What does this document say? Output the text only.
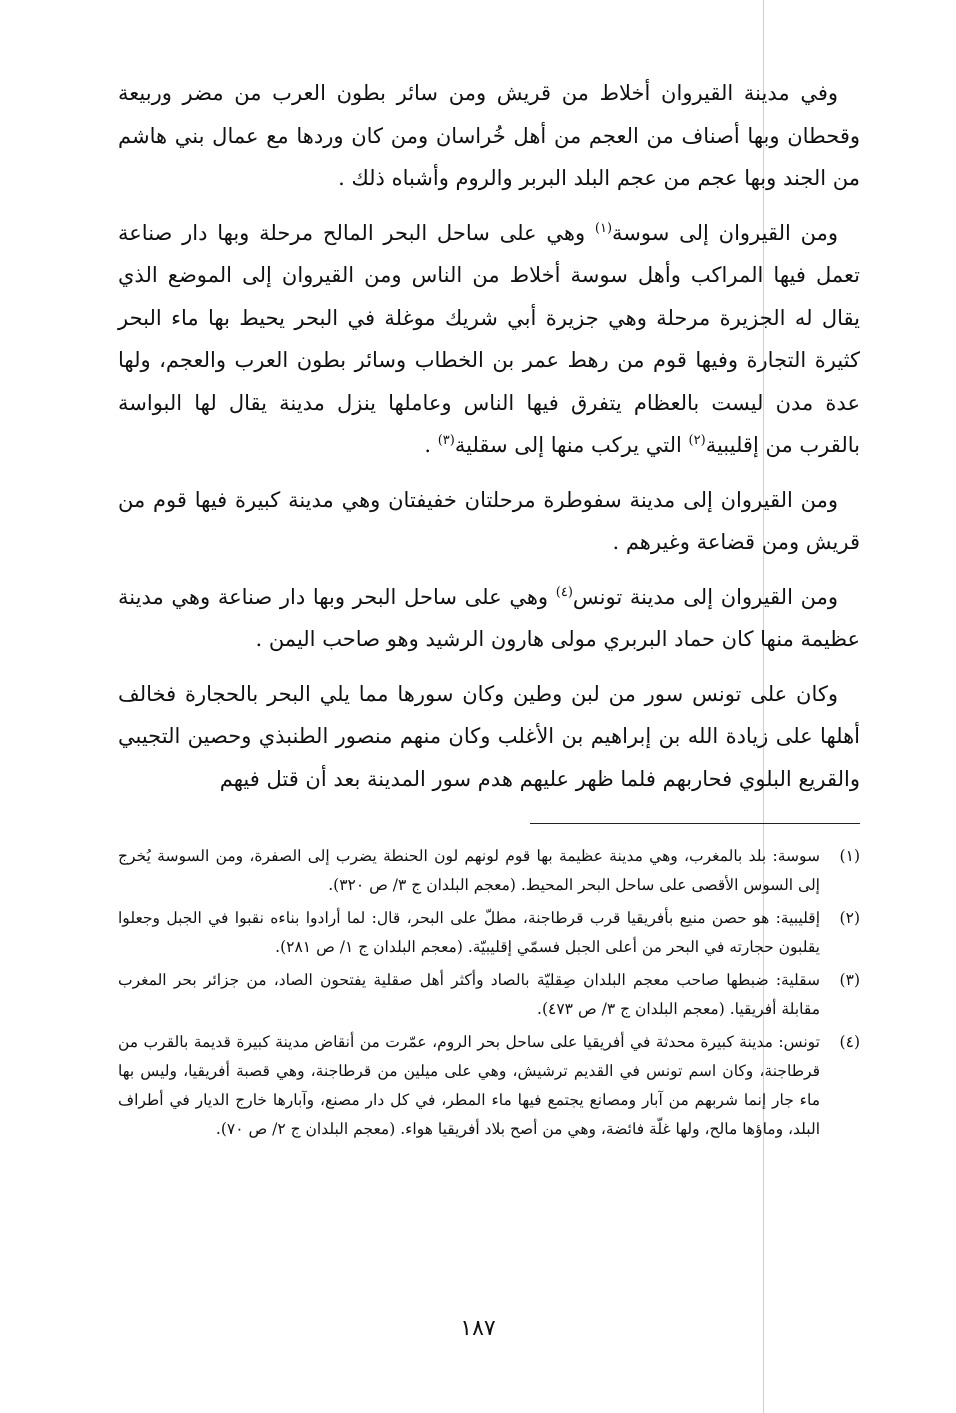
وفي مدينة القيروان أخلاط من قريش ومن سائر بطون العرب من مضر وربيعة وقحطان وبها أصناف من العجم من أهل خُراسان ومن كان وردها مع عمال بني هاشم من الجند وبها عجم من عجم البلد البربر والروم وأشباه ذلك .

ومن القيروان إلى سوسة$^{(١)}$ وهي على ساحل البحر المالح مرحلة وبها دار صناعة تعمل فيها المراكب وأهل سوسة أخلاط من الناس ومن القيروان إلى الموضع الذي يقال له الجزيرة مرحلة وهي جزيرة أبي شريك موغلة في البحر يحيط بها ماء البحر كثيرة التجارة وفيها قوم من رهط عمر بن الخطاب وسائر بطون العرب والعجم، ولها عدة مدن ليست بالعظام يتفرق فيها الناس وعاملها ينزل مدينة يقال لها البواسة بالقرب من إقليبية$^{(٢)}$ التي يركب منها إلى سقلية$^{(٣)}$ .

ومن القيروان إلى مدينة سفوطرة مرحلتان خفيفتان وهي مدينة كبيرة فيها قوم من قريش ومن قضاعة وغيرهم .

ومن القيروان إلى مدينة تونس$^{(٤)}$ وهي على ساحل البحر وبها دار صناعة وهي مدينة عظيمة منها كان حماد البربري مولى هارون الرشيد وهو صاحب اليمن .

وكان على تونس سور من لبن وطين وكان سورها مما يلي البحر بالحجارة فخالف أهلها على زيادة الله بن إبراهيم بن الأغلب وكان منهم منصور الطنبذي وحصين التجيبي والقريع البلوي فحاربهم فلما ظهر عليهم هدم سور المدينة بعد أن قتل فيهم

(١)
سوسة: بلد بالمغرب، وهي مدينة عظيمة بها قوم لونهم لون الحنطة يضرب إلى الصفرة، ومن السوسة يُخرج إلى السوس الأقصى على ساحل البحر المحيط. (معجم البلدان ج ٣/ ص ٣٢٠).
(٢)
إقليبية: هو حصن منيع بأفريقيا قرب قرطاجنة، مطلّ على البحر، قال: لما أرادوا بناءه نقبوا في الجبل وجعلوا يقلبون حجارته في البحر من أعلى الجبل فسمّي إقليبيّة. (معجم البلدان ج ١/ ص ٢٨١).
(٣)
سقلية: ضبطها صاحب معجم البلدان صِقليّة بالصاد وأكثر أهل صقلية يفتحون الصاد، من جزائر بحر المغرب مقابلة أفريقيا. (معجم البلدان ج ٣/ ص ٤٧٣).
(٤)
تونس: مدينة كبيرة محدثة في أفريقيا على ساحل بحر الروم، عمّرت من أنقاض مدينة كبيرة قديمة بالقرب من قرطاجنة، وكان اسم تونس في القديم ترشيش، وهي على ميلين من قرطاجنة، وهي قصبة أفريقيا، وليس بها ماء جار إنما شربهم من آبار ومصانع يجتمع فيها ماء المطر، في كل دار مصنع، وآبارها خارج الديار في أطراف البلد، وماؤها مالح، ولها غلّة فائضة، وهي من أصح بلاد أفريقيا هواء. (معجم البلدان ج ٢/ ص ٧٠).
١٨٧
